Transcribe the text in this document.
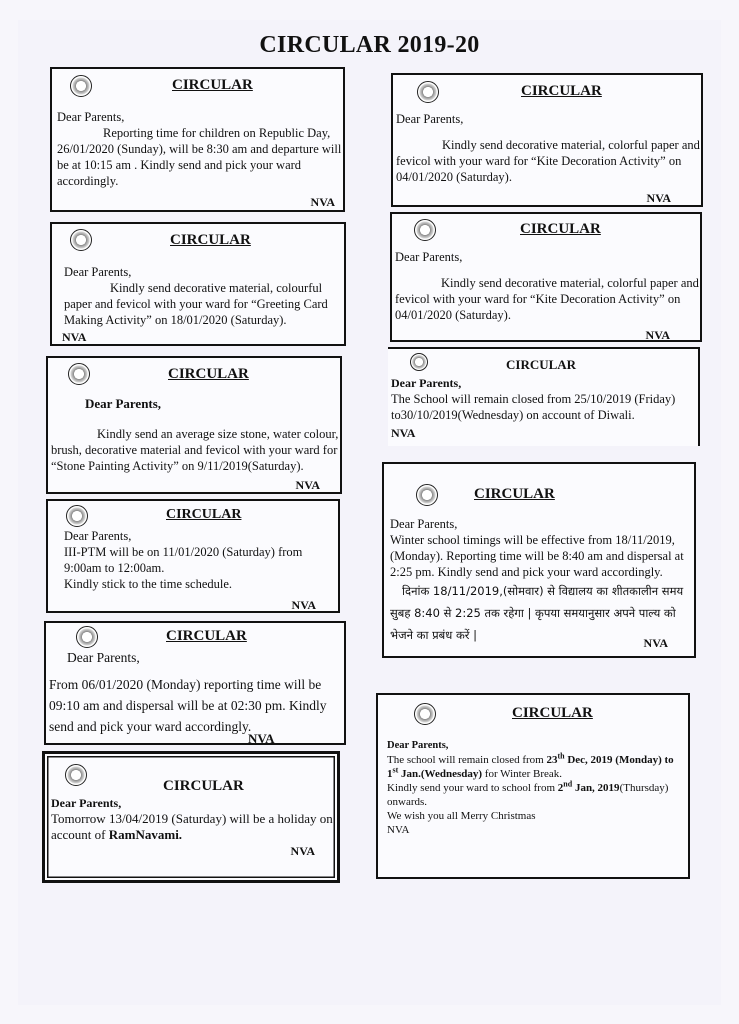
CIRCULAR 2019-20
CIRCULAR

Dear Parents,

Reporting time for children on Republic Day, 26/01/2020 (Sunday), will be 8:30 am and departure will be at 10:15 am . Kindly send and pick your ward accordingly.

NVA
CIRCULAR

Dear Parents,

Kindly send decorative material, colourful paper and fevicol with your ward for “Greeting Card Making Activity” on 18/01/2020 (Saturday).

NVA
CIRCULAR

Dear Parents,

Kindly send an average size stone, water colour, brush, decorative material and fevicol with your ward for “Stone Painting Activity” on 9/11/2019(Saturday).

NVA
CIRCULAR

Dear Parents,

III-PTM will be on 11/01/2020 (Saturday) from 9:00am to 12:00am.

Kindly stick to the time schedule.

NVA
CIRCULAR

Dear Parents,

From 06/01/2020 (Monday) reporting time will be 09:10 am and dispersal will be at 02:30 pm. Kindly send and pick your ward accordingly.

NVA
CIRCULAR

Dear Parents,

Tomorrow 13/04/2019 (Saturday) will be a holiday on account of RamNavami.

NVA
CIRCULAR

Dear Parents,

Kindly send decorative material, colorful paper and fevicol with your ward for “Kite Decoration Activity” on 04/01/2020 (Saturday).

NVA
CIRCULAR

Dear Parents,

Kindly send decorative material, colorful paper and fevicol with your ward for “Kite Decoration Activity” on 04/01/2020 (Saturday).

NVA
CIRCULAR

Dear Parents,

The School will remain closed from 25/10/2019 (Friday) to30/10/2019(Wednesday) on account of Diwali.

NVA
CIRCULAR

Dear Parents,

Winter school timings will be effective from 18/11/2019, (Monday). Reporting time will be 8:40 am and dispersal at 2:25 pm. Kindly send and pick your ward accordingly.

दिनांक 18/11/2019,(सोमवार) से विद्यालय का शीतकालीन समय सुबह 8:40 से 2:25 तक रहेगा | कृपया समयानुसार अपने पाल्य को भेजने का प्रबंध करें |

NVA
CIRCULAR

Dear Parents,

The school will remain closed from 23th Dec, 2019 (Monday) to 1st Jan.(Wednesday) for Winter Break.

Kindly send your ward to school from 2nd Jan, 2019(Thursday) onwards.

We wish you all Merry Christmas

NVA
